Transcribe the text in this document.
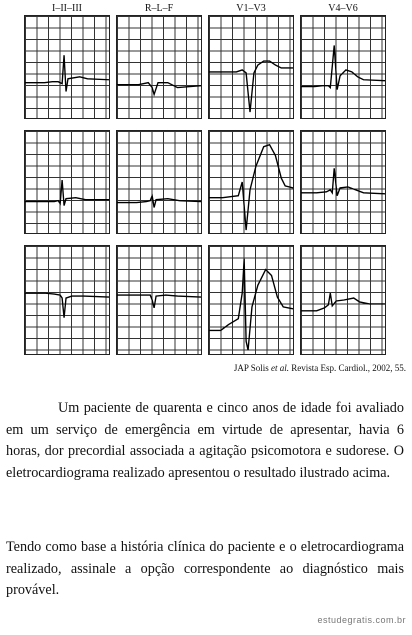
I–II–III	R–L–F	V1–V3	V4–V6
JAP Solis et al. Revista Esp. Cardiol., 2002, 55.

Um paciente de quarenta e cinco anos de idade foi avaliado em um serviço de emergência em virtude de apresentar, havia 6 horas, dor precordial associada a agitação psicomotora e sudorese. O eletrocardiograma realizado apresentou o resultado ilustrado acima.

Tendo como base a história clínica do paciente e o eletrocardiograma realizado, assinale a opção correspondente ao diagnóstico mais provável.

estudegratis.com.br
